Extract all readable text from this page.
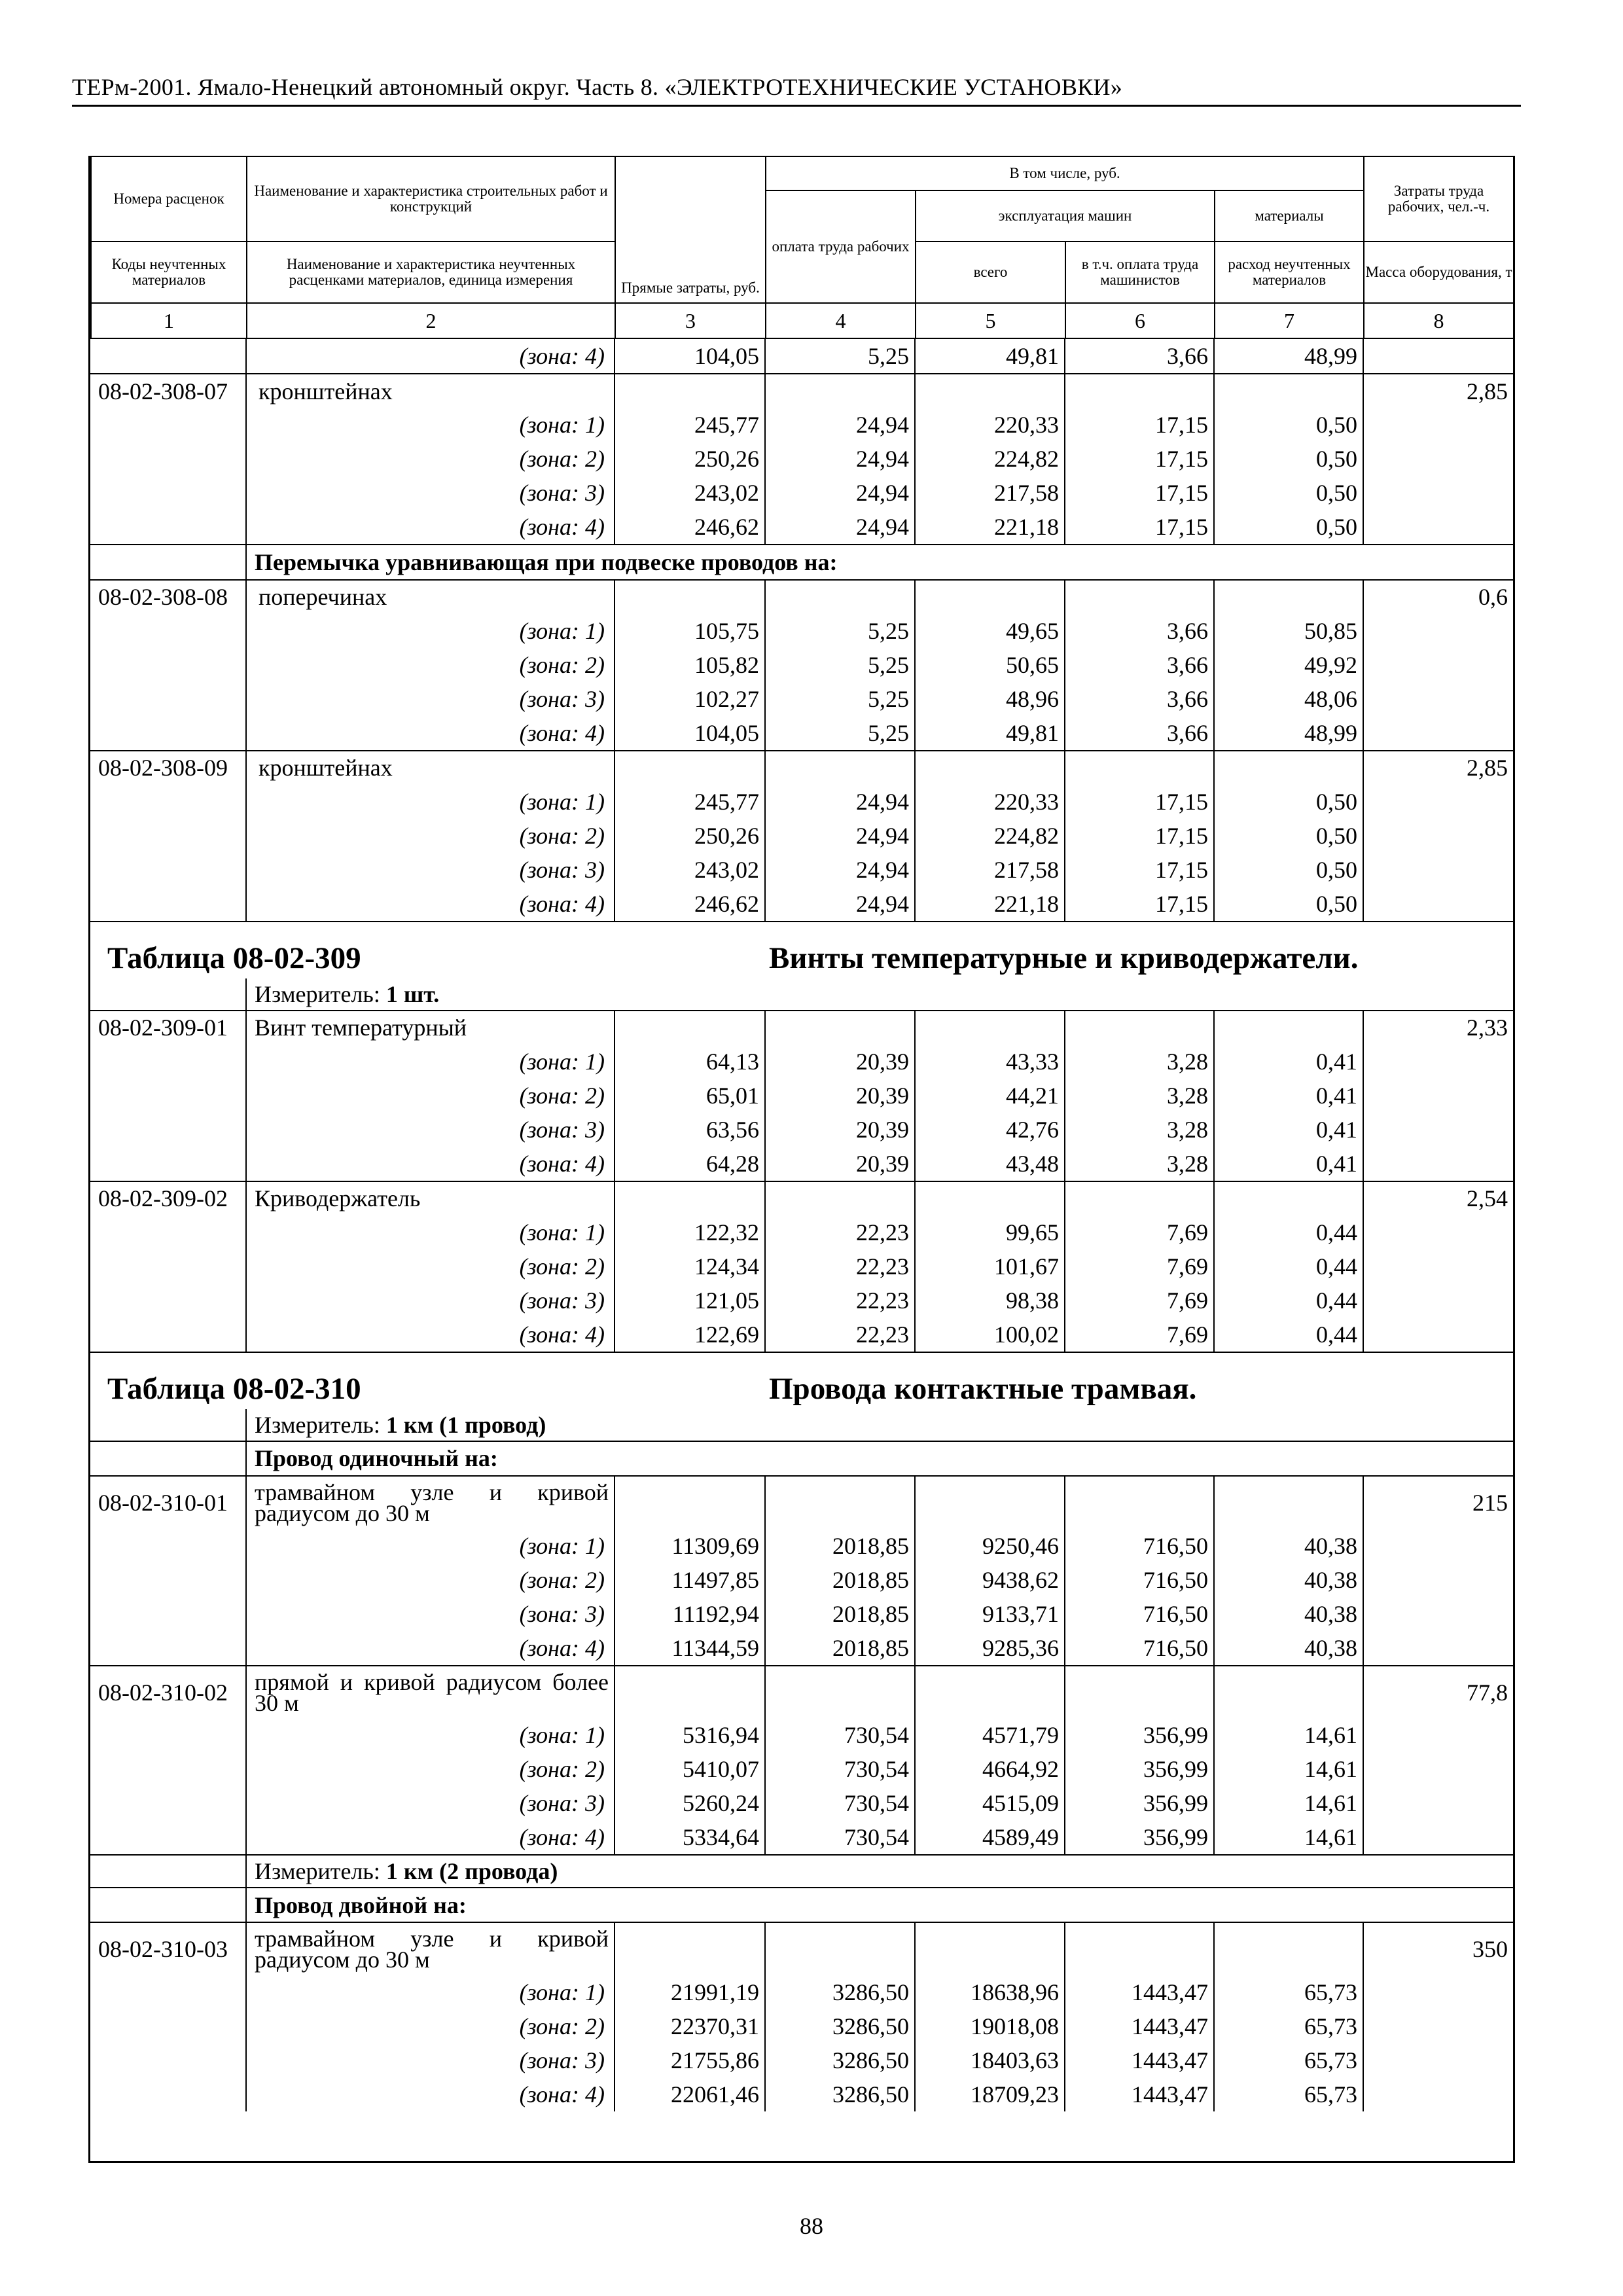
ТЕРм-2001. Ямало-Ненецкий автономный округ. Часть 8. «ЭЛЕКТРОТЕХНИЧЕСКИЕ УСТАНОВКИ»
Номера расценок	Наименование и характеристика строительных работ и конструкций	Прямые затраты, руб.	В том числе, руб.				Затраты труда рабочих, чел.-ч.
			оплата труда рабочих	эксплуатация машин		материалы	
Коды неучтенных материалов	Наименование и характеристика неучтенных расценками материалов, единица измерения			всего	в т.ч. оплата труда машинистов	расход неучтенных материалов	Масса оборудования, т
1	2	3	4	5	6	7	8
	(зона: 4)	104,05	5,25	49,81	3,66	48,99	
08-02-308-07	кронштейнах						2,85
	(зона: 1)	245,77	24,94	220,33	17,15	0,50	
	(зона: 2)	250,26	24,94	224,82	17,15	0,50	
	(зона: 3)	243,02	24,94	217,58	17,15	0,50	
	(зона: 4)	246,62	24,94	221,18	17,15	0,50	
	Перемычка уравнивающая при подвеске проводов на:						
08-02-308-08	поперечинах						0,6
	(зона: 1)	105,75	5,25	49,65	3,66	50,85	
	(зона: 2)	105,82	5,25	50,65	3,66	49,92	
	(зона: 3)	102,27	5,25	48,96	3,66	48,06	
	(зона: 4)	104,05	5,25	49,81	3,66	48,99	
08-02-308-09	кронштейнах						2,85
	(зона: 1)	245,77	24,94	220,33	17,15	0,50	
	(зона: 2)	250,26	24,94	224,82	17,15	0,50	
	(зона: 3)	243,02	24,94	217,58	17,15	0,50	
	(зона: 4)	246,62	24,94	221,18	17,15	0,50	
Таблица 08-02-309			Винты температурные и криводержатели.				
	Измеритель: 1 шт.						
08-02-309-01	Винт температурный						2,33
	(зона: 1)	64,13	20,39	43,33	3,28	0,41	
	(зона: 2)	65,01	20,39	44,21	3,28	0,41	
	(зона: 3)	63,56	20,39	42,76	3,28	0,41	
	(зона: 4)	64,28	20,39	43,48	3,28	0,41	
08-02-309-02	Криводержатель						2,54
	(зона: 1)	122,32	22,23	99,65	7,69	0,44	
	(зона: 2)	124,34	22,23	101,67	7,69	0,44	
	(зона: 3)	121,05	22,23	98,38	7,69	0,44	
	(зона: 4)	122,69	22,23	100,02	7,69	0,44	
Таблица 08-02-310			Провода контактные трамвая.				
	Измеритель: 1 км (1 провод)						
	Провод одиночный на:						
08-02-310-01	трамвайном узле и кривой радиусом до 30 м						215
	(зона: 1)	11309,69	2018,85	9250,46	716,50	40,38	
	(зона: 2)	11497,85	2018,85	9438,62	716,50	40,38	
	(зона: 3)	11192,94	2018,85	9133,71	716,50	40,38	
	(зона: 4)	11344,59	2018,85	9285,36	716,50	40,38	
08-02-310-02	прямой и кривой радиусом более 30 м						77,8
	(зона: 1)	5316,94	730,54	4571,79	356,99	14,61	
	(зона: 2)	5410,07	730,54	4664,92	356,99	14,61	
	(зона: 3)	5260,24	730,54	4515,09	356,99	14,61	
	(зона: 4)	5334,64	730,54	4589,49	356,99	14,61	
	Измеритель: 1 км (2 провода)						
	Провод двойной на:						
08-02-310-03	трамвайном узле и кривой радиусом до 30 м						350
	(зона: 1)	21991,19	3286,50	18638,96	1443,47	65,73	
	(зона: 2)	22370,31	3286,50	19018,08	1443,47	65,73	
	(зона: 3)	21755,86	3286,50	18403,63	1443,47	65,73	
	(зона: 4)	22061,46	3286,50	18709,23	1443,47	65,73	
88
